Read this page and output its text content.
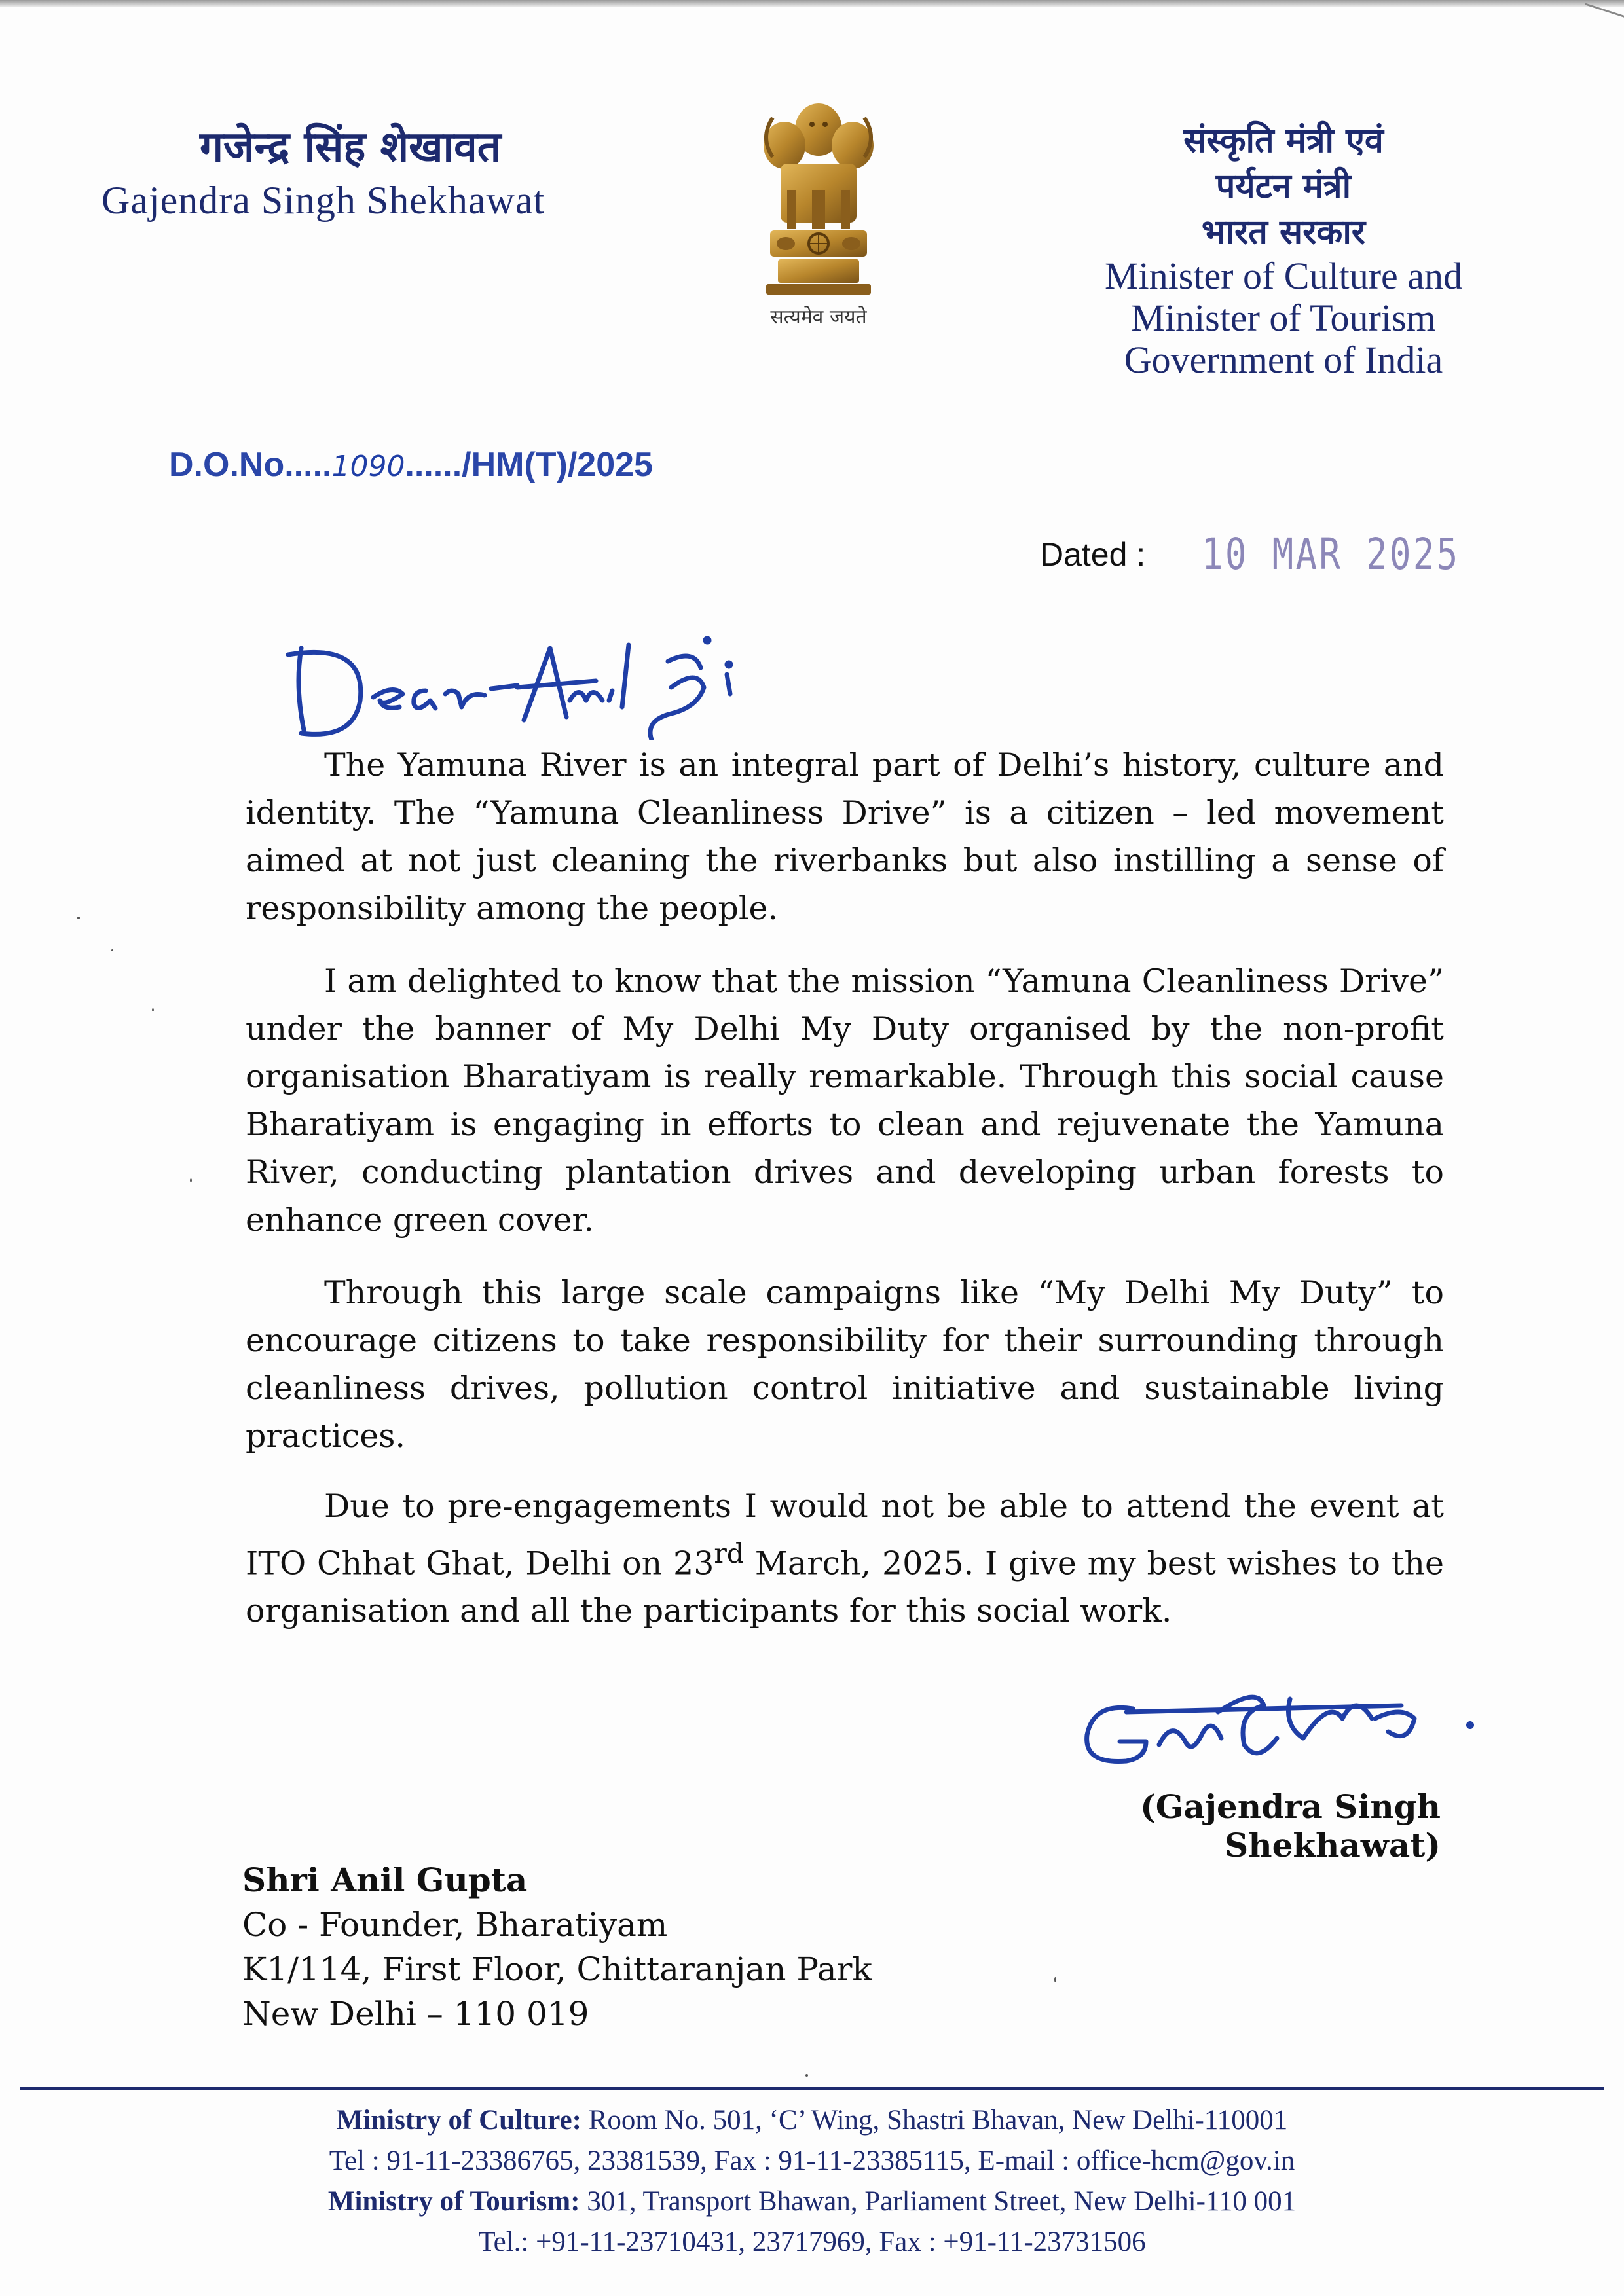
गजेन्द्र सिंह शेखावत
Gajendra Singh Shekhawat
सत्यमेव जयते
संस्कृति मंत्री एवं
पर्यटन मंत्री
भारत सरकार
Minister of Culture and
Minister of Tourism
Government of India
D.O.No.....1090....../HM(T)/2025
Dated : 10 MAR 2025

The Yamuna River is an integral part of Delhi’s history, culture and identity. The “Yamuna Cleanliness Drive” is a citizen – led movement aimed at not just cleaning the riverbanks but also instilling a sense of responsibility among the people.

I am delighted to know that the mission “Yamuna Cleanliness Drive” under the banner of My Delhi My Duty organised by the non-profit organisation Bharatiyam is really remarkable. Through this social cause Bharatiyam is engaging in efforts to clean and rejuvenate the Yamuna River, conducting plantation drives and developing urban forests to enhance green cover.

Through this large scale campaigns like “My Delhi My Duty” to encourage citizens to take responsibility for their surrounding through cleanliness drives, pollution control initiative and sustainable living practices.

Due to pre-engagements I would not be able to attend the event at ITO Chhat Ghat, Delhi on 23rd March, 2025. I give my best wishes to the organisation and all the participants for this social work.

(Gajendra Singh Shekhawat)
Shri Anil Gupta
Co - Founder, Bharatiyam
K1/114, First Floor, Chittaranjan Park
New Delhi – 110 019
Ministry of Culture: Room No. 501, ‘C’ Wing, Shastri Bhavan, New Delhi-110001
Tel : 91-11-23386765, 23381539, Fax : 91-11-23385115, E-mail : office-hcm@gov.in
Ministry of Tourism: 301, Transport Bhawan, Parliament Street, New Delhi-110 001
Tel.: +91-11-23710431, 23717969, Fax : +91-11-23731506
